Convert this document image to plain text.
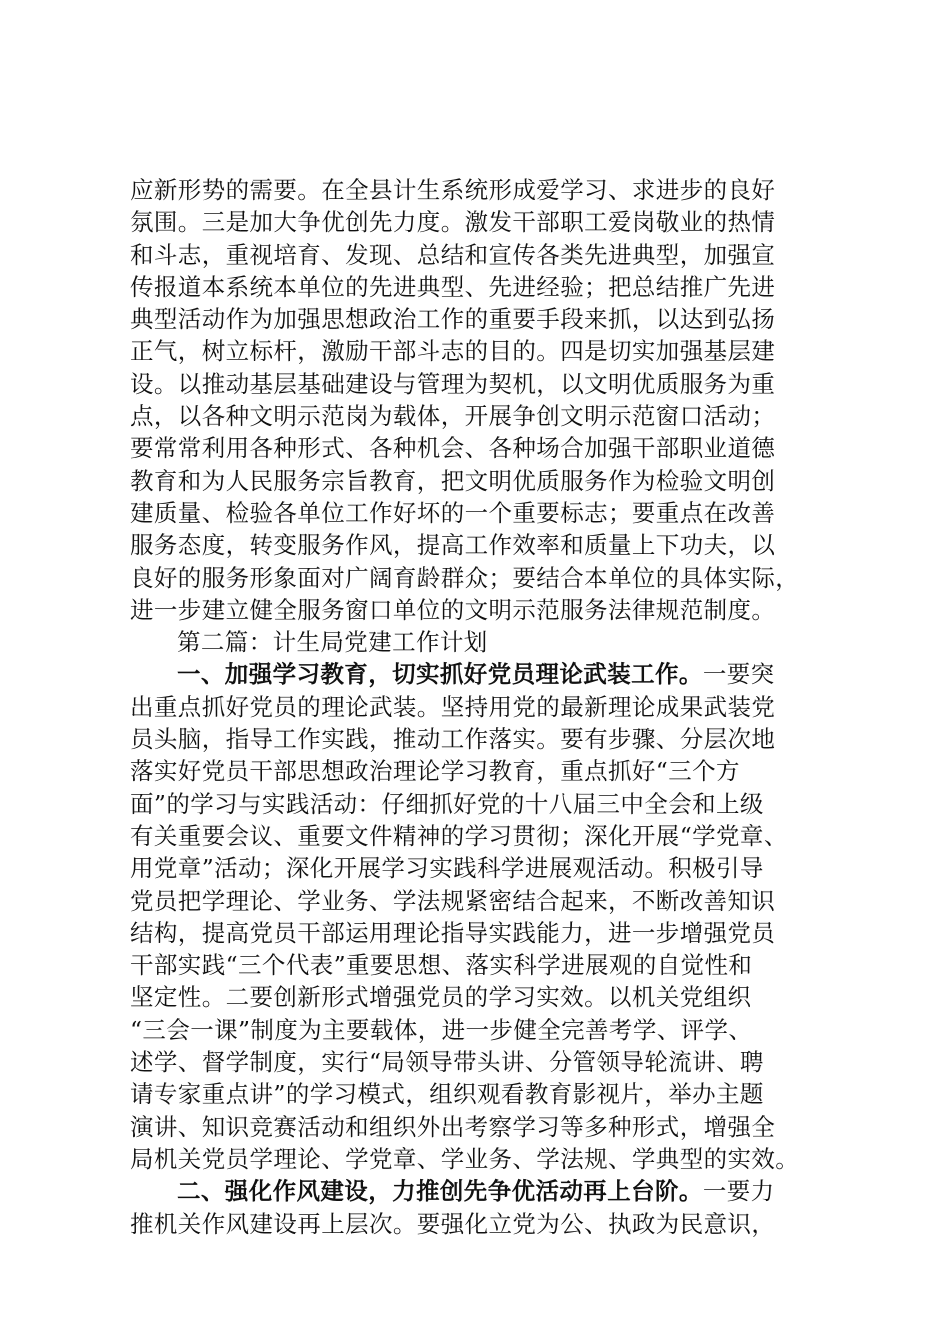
应新形势的需要。在全县计生系统形成爱学习、求进步的良好
氛围。三是加大争优创先力度。激发干部职工爱岗敬业的热情
和斗志，重视培育、发现、总结和宣传各类先进典型，加强宣
传报道本系统本单位的先进典型、先进经验；把总结推广先进
典型活动作为加强思想政治工作的重要手段来抓，以达到弘扬
正气，树立标杆，激励干部斗志的目的。四是切实加强基层建
设。以推动基层基础建设与管理为契机，以文明优质服务为重
点，以各种文明示范岗为载体，开展争创文明示范窗口活动；
要常常利用各种形式、各种机会、各种场合加强干部职业道德
教育和为人民服务宗旨教育，把文明优质服务作为检验文明创
建质量、检验各单位工作好坏的一个重要标志；要重点在改善
服务态度，转变服务作风，提高工作效率和质量上下功夫，以
良好的服务形象面对广阔育龄群众；要结合本单位的具体实际，
进一步建立健全服务窗口单位的文明示范服务法律规范制度。
第二篇：计生局党建工作计划
一、加强学习教育，切实抓好党员理论武装工作。一要突
出重点抓好党员的理论武装。坚持用党的最新理论成果武装党
员头脑，指导工作实践，推动工作落实。要有步骤、分层次地
落实好党员干部思想政治理论学习教育，重点抓好“三个方
面”的学习与实践活动：仔细抓好党的十八届三中全会和上级
有关重要会议、重要文件精神的学习贯彻；深化开展“学党章、
用党章”活动；深化开展学习实践科学进展观活动。积极引导
党员把学理论、学业务、学法规紧密结合起来，不断改善知识
结构，提高党员干部运用理论指导实践能力，进一步增强党员
干部实践“三个代表”重要思想、落实科学进展观的自觉性和
坚定性。二要创新形式增强党员的学习实效。以机关党组织
“三会一课”制度为主要载体，进一步健全完善考学、评学、
述学、督学制度，实行“局领导带头讲、分管领导轮流讲、聘
请专家重点讲”的学习模式，组织观看教育影视片，举办主题
演讲、知识竞赛活动和组织外出考察学习等多种形式，增强全
局机关党员学理论、学党章、学业务、学法规、学典型的实效。
二、强化作风建设，力推创先争优活动再上台阶。一要力
推机关作风建设再上层次。要强化立党为公、执政为民意识，
